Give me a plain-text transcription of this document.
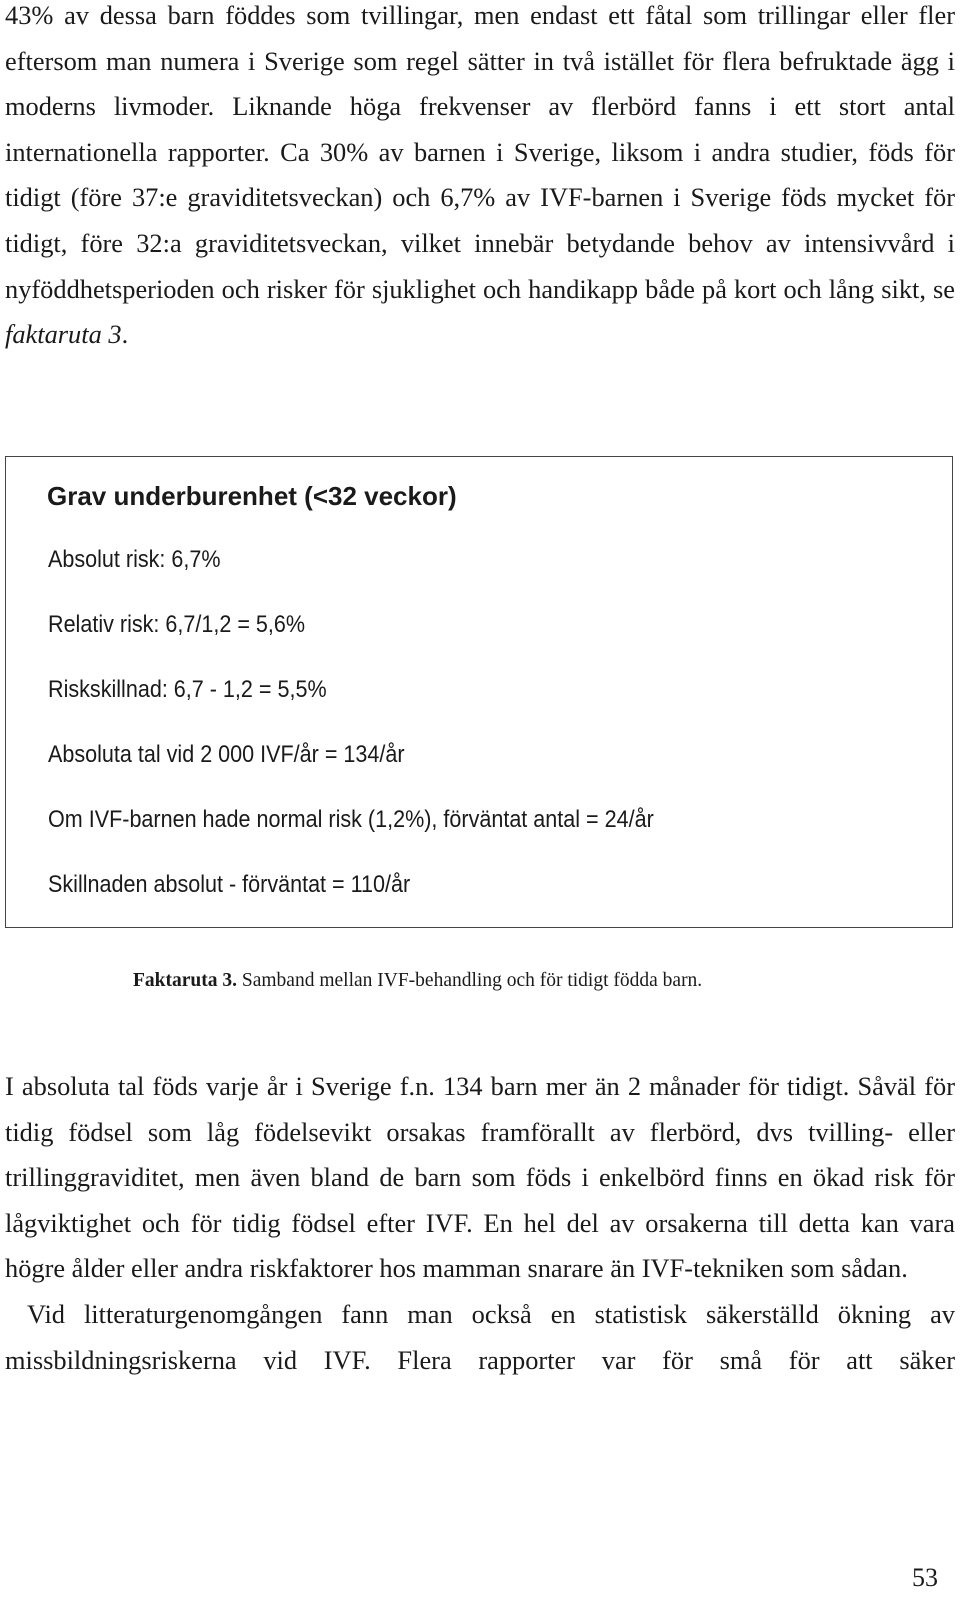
43% av dessa barn föddes som tvillingar, men endast ett fåtal som trillingar eller fler eftersom man numera i Sverige som regel sätter in två istället för flera befruktade ägg i moderns livmoder. Liknande höga frekvenser av flerbörd fanns i ett stort antal internationella rapporter. Ca 30% av barnen i Sverige, liksom i andra studier, föds för tidigt (före 37:e graviditetsveckan) och 6,7% av IVF-barnen i Sverige föds mycket för tidigt, före 32:a graviditetsveckan, vilket innebär betydande behov av intensivvård i nyföddhetsperioden och risker för sjuklighet och handikapp både på kort och lång sikt, se faktaruta 3.

Grav underburenhet (<32 veckor)
Absolut risk: 6,7%
Relativ risk: 6,7/1,2 = 5,6%
Riskskillnad: 6,7 - 1,2 = 5,5%
Absoluta tal vid 2 000 IVF/år = 134/år
Om IVF-barnen hade normal risk (1,2%), förväntat antal = 24/år
Skillnaden absolut - förväntat = 110/år
Faktaruta 3. Samband mellan IVF-behandling och för tidigt födda barn.

I absoluta tal föds varje år i Sverige f.n. 134 barn mer än 2 månader för tidigt. Såväl för tidig födsel som låg födelsevikt orsakas framförallt av flerbörd, dvs tvilling- eller trillinggraviditet, men även bland de barn som föds i enkelbörd finns en ökad risk för lågviktighet och för tidig födsel efter IVF. En hel del av orsakerna till detta kan vara högre ålder eller andra riskfaktorer hos mamman snarare än IVF-tekniken som sådan.

Vid litteraturgenomgången fann man också en statistisk säkerställd ökning av missbildningsriskerna vid IVF. Flera rapporter var för små för att säker

53
